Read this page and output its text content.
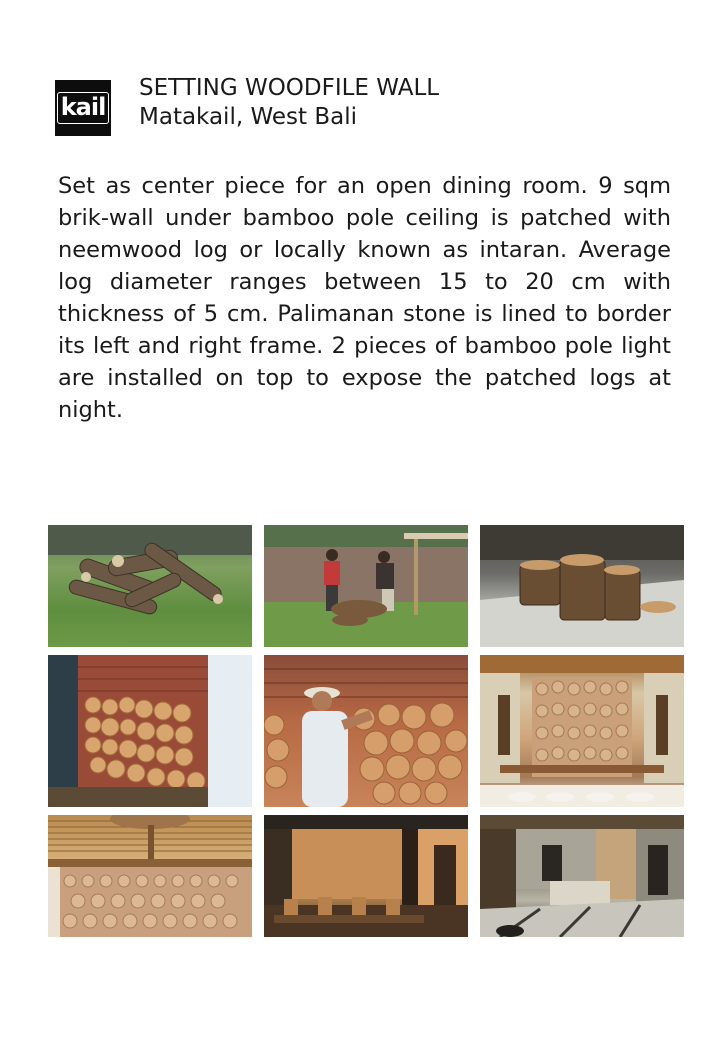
kail
SETTING WOODFILE WALL
Matakail, West Bali
Set as center piece for an open dining room. 9 sqm brik-wall under bamboo pole ceiling is patched with neemwood log or locally known as intaran. Average log diameter ranges between 15 to 20 cm with thickness of 5 cm. Palimanan stone is lined to border its left and right frame. 2 pieces of bamboo pole light are installed on top to expose the patched logs at night.
